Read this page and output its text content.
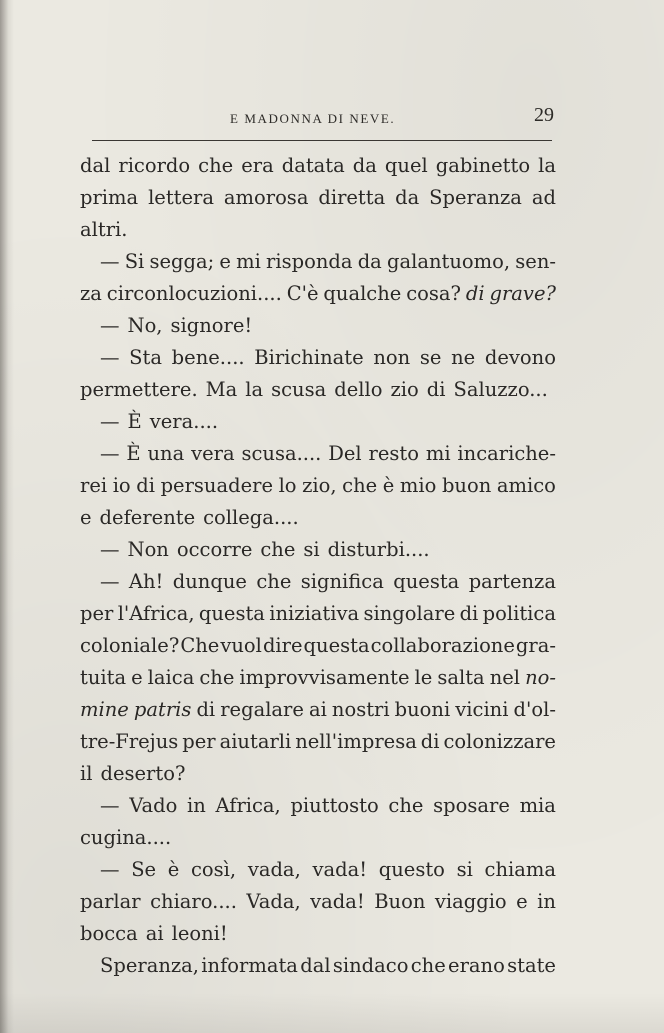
E MADONNA DI NEVE.	29
dal ricordo che era datata da quel gabinetto la
prima lettera amorosa diretta da Speranza ad
altri.
— Si segga; e mi risponda da galantuomo, sen-
za circonlocuzioni.... C'è qualche cosa? di grave?
— No, signore!
— Sta bene.... Birichinate non se ne devono
permettere. Ma la scusa dello zio di Saluzzo...
— È vera....
— È una vera scusa.... Del resto mi incariche-
rei io di persuadere lo zio, che è mio buon amico
e deferente collega....
— Non occorre che si disturbi....
— Ah! dunque che significa questa partenza
per l'Africa, questa iniziativa singolare di politica
coloniale? Che vuol dire questa collaborazione gra-
tuita e laica che improvvisamente le salta nel no-
mine patris di regalare ai nostri buoni vicini d'ol-
tre-Frejus per aiutarli nell'impresa di colonizzare
il deserto?
— Vado in Africa, piuttosto che sposare mia
cugina....
— Se è così, vada, vada! questo si chiama
parlar chiaro.... Vada, vada! Buon viaggio e in
bocca ai leoni!
Speranza, informata dal sindaco che erano state
